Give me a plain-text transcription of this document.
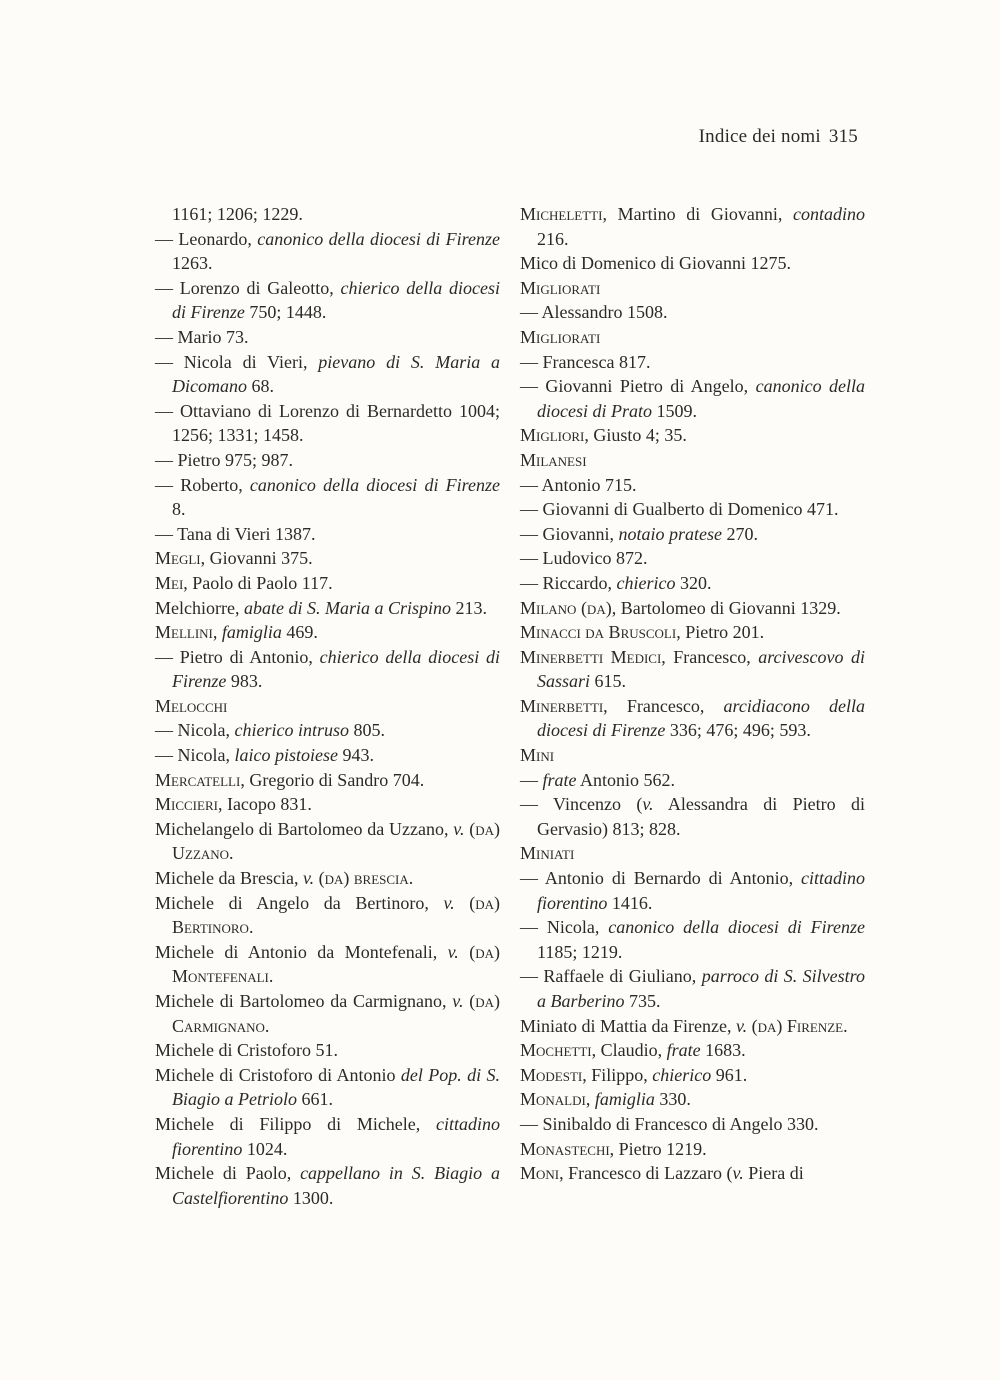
Indice dei nomi 315
1161; 1206; 1229.
— Leonardo, canonico della diocesi di Firenze 1263.
— Lorenzo di Galeotto, chierico della diocesi di Firenze 750; 1448.
— Mario 73.
— Nicola di Vieri, pievano di S. Maria a Dicomano 68.
— Ottaviano di Lorenzo di Bernardetto 1004; 1256; 1331; 1458.
— Pietro 975; 987.
— Roberto, canonico della diocesi di Firenze 8.
— Tana di Vieri 1387.
Megli, Giovanni 375.
Mei, Paolo di Paolo 117.
Melchiorre, abate di S. Maria a Crispino 213.
Mellini, famiglia 469.
— Pietro di Antonio, chierico della diocesi di Firenze 983.
Melocchi
— Nicola, chierico intruso 805.
— Nicola, laico pistoiese 943.
Mercatelli, Gregorio di Sandro 704.
Miccieri, Iacopo 831.
Michelangelo di Bartolomeo da Uzzano, v. (da) Uzzano.
Michele da Brescia, v. (da) brescia.
Michele di Angelo da Bertinoro, v. (da) Bertinoro.
Michele di Antonio da Montefenali, v. (da) Montefenali.
Michele di Bartolomeo da Carmignano, v. (da) Carmignano.
Michele di Cristoforo 51.
Michele di Cristoforo di Antonio del Pop. di S. Biagio a Petriolo 661.
Michele di Filippo di Michele, cittadino fiorentino 1024.
Michele di Paolo, cappellano in S. Biagio a Castelfiorentino 1300.
Micheletti, Martino di Giovanni, contadino 216.
Mico di Domenico di Giovanni 1275.
Migliorati
— Alessandro 1508.
Migliorati
— Francesca 817.
— Giovanni Pietro di Angelo, canonico della diocesi di Prato 1509.
Migliori, Giusto 4; 35.
Milanesi
— Antonio 715.
— Giovanni di Gualberto di Domenico 471.
— Giovanni, notaio pratese 270.
— Ludovico 872.
— Riccardo, chierico 320.
Milano (da), Bartolomeo di Giovanni 1329.
Minacci da Bruscoli, Pietro 201.
Minerbetti Medici, Francesco, arcivescovo di Sassari 615.
Minerbetti, Francesco, arcidiacono della diocesi di Firenze 336; 476; 496; 593.
Mini
— frate Antonio 562.
— Vincenzo (v. Alessandra di Pietro di Gervasio) 813; 828.
Miniati
— Antonio di Bernardo di Antonio, cittadino fiorentino 1416.
— Nicola, canonico della diocesi di Firenze 1185; 1219.
— Raffaele di Giuliano, parroco di S. Silvestro a Barberino 735.
Miniato di Mattia da Firenze, v. (da) Firenze.
Mochetti, Claudio, frate 1683.
Modesti, Filippo, chierico 961.
Monaldi, famiglia 330.
— Sinibaldo di Francesco di Angelo 330.
Monastechi, Pietro 1219.
Moni, Francesco di Lazzaro (v. Piera di
